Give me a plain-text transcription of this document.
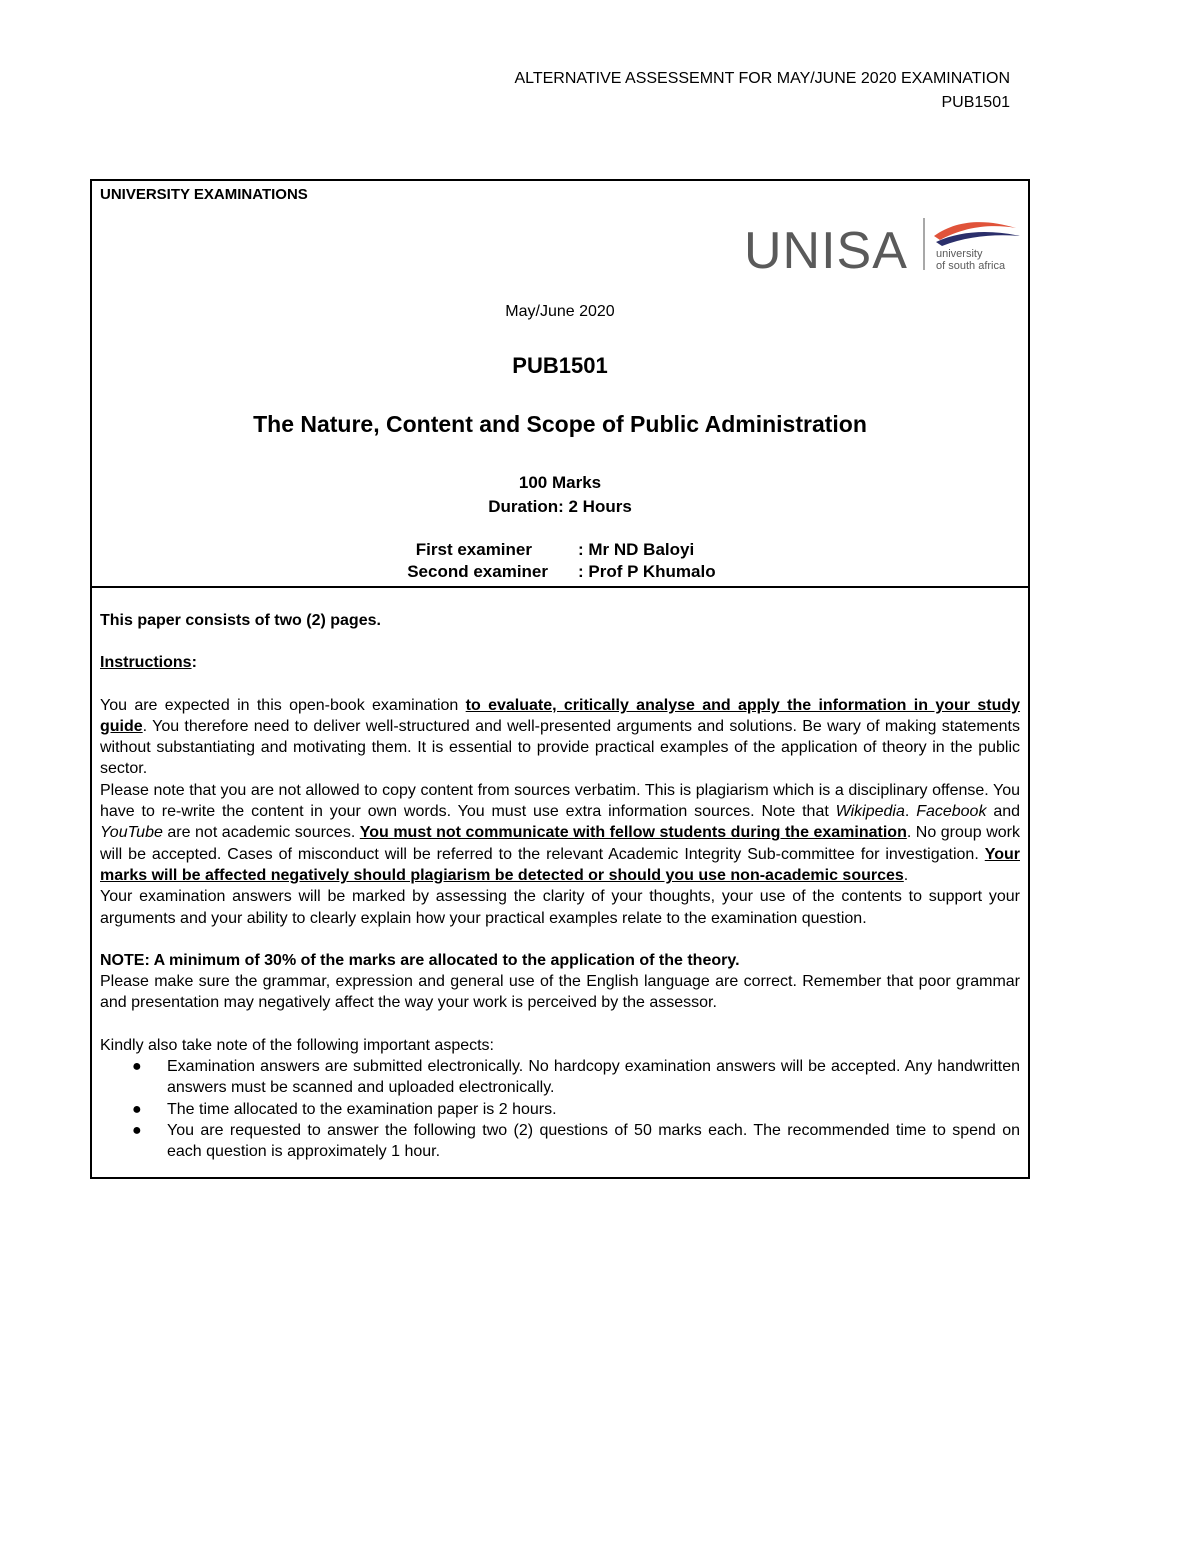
ALTERNATIVE ASSESSEMNT FOR MAY/JUNE 2020 EXAMINATION
PUB1501
UNIVERSITY EXAMINATIONS
UNISA	university
of south africa
May/June 2020
PUB1501
The Nature, Content and Scope of Public Administration
100 Marks
Duration: 2 Hours
First examiner	: Mr ND Baloyi
Second examiner	: Prof P Khumalo

This paper consists of two (2) pages.

Instructions:

You are expected in this open-book examination to evaluate, critically analyse and apply the information in your study guide. You therefore need to deliver well-structured and well-presented arguments and solutions. Be wary of making statements without substantiating and motivating them. It is essential to provide practical examples of the application of theory in the public sector.

Please note that you are not allowed to copy content from sources verbatim. This is plagiarism which is a disciplinary offense. You have to re-write the content in your own words. You must use extra information sources. Note that Wikipedia. Facebook and YouTube are not academic sources. You must not communicate with fellow students during the examination. No group work will be accepted. Cases of misconduct will be referred to the relevant Academic Integrity Sub-committee for investigation. Your marks will be affected negatively should plagiarism be detected or should you use non-academic sources.

Your examination answers will be marked by assessing the clarity of your thoughts, your use of the contents to support your arguments and your ability to clearly explain how your practical examples relate to the examination question.

NOTE: A minimum of 30% of the marks are allocated to the application of the theory.

Please make sure the grammar, expression and general use of the English language are correct. Remember that poor grammar and presentation may negatively affect the way your work is perceived by the assessor.

Kindly also take note of the following important aspects:

● Examination answers are submitted electronically. No hardcopy examination answers will be accepted. Any handwritten answers must be scanned and uploaded electronically.
● The time allocated to the examination paper is 2 hours.
● You are requested to answer the following two (2) questions of 50 marks each. The recommended time to spend on each question is approximately 1 hour.
